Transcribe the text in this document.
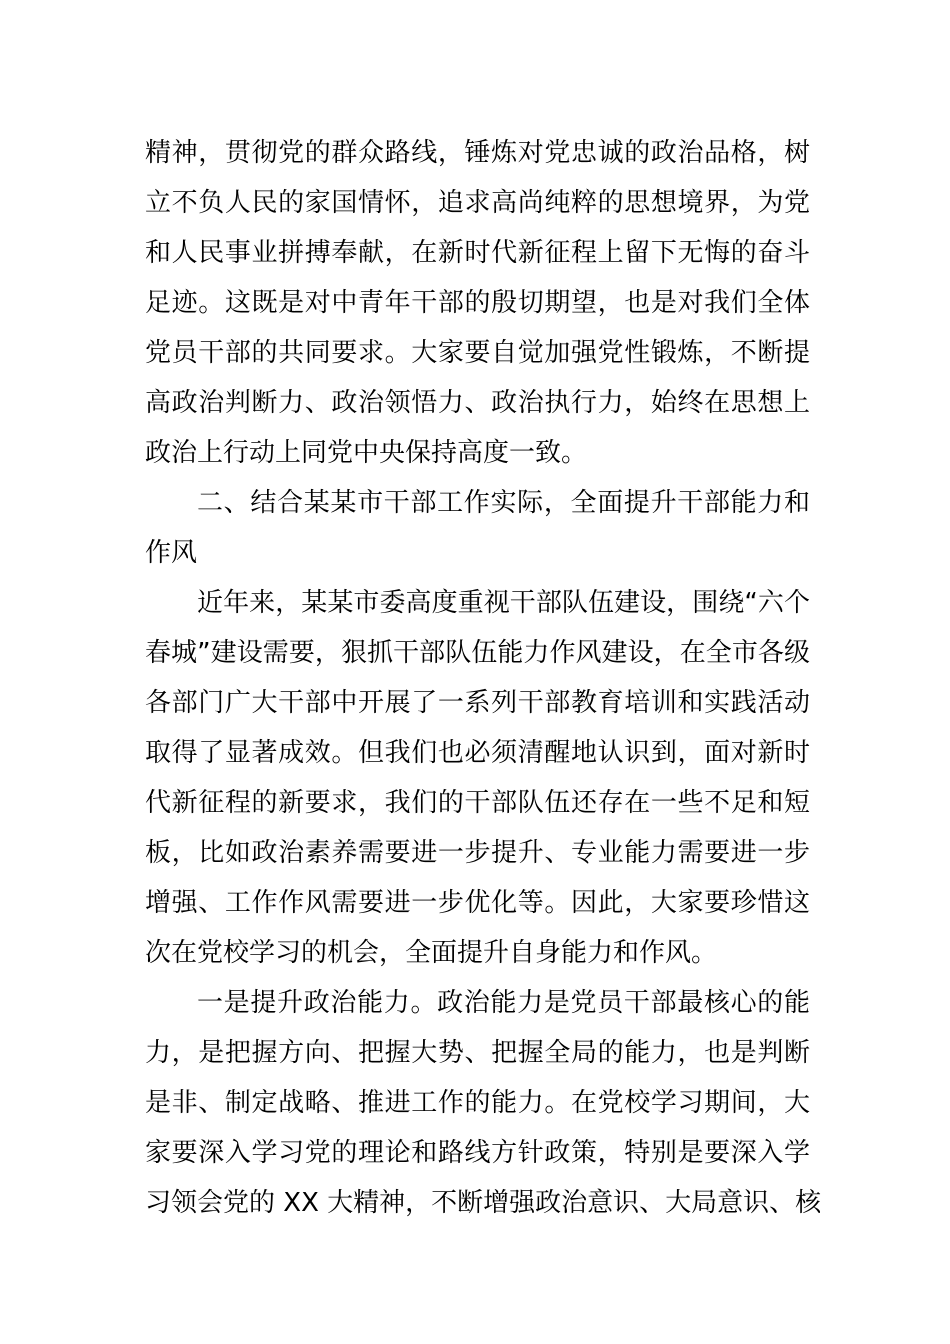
精神，贯彻党的群众路线，锤炼对党忠诚的政治品格，树
立不负人民的家国情怀，追求高尚纯粹的思想境界，为党
和人民事业拼搏奉献，在新时代新征程上留下无悔的奋斗
足迹。这既是对中青年干部的殷切期望，也是对我们全体
党员干部的共同要求。大家要自觉加强党性锻炼，不断提
高政治判断力、政治领悟力、政治执行力，始终在思想上
政治上行动上同党中央保持高度一致。
二、结合某某市干部工作实际，全面提升干部能力和
作风
近年来，某某市委高度重视干部队伍建设，围绕“六个
春城”建设需要，狠抓干部队伍能力作风建设，在全市各级
各部门广大干部中开展了一系列干部教育培训和实践活动
取得了显著成效。但我们也必须清醒地认识到，面对新时
代新征程的新要求，我们的干部队伍还存在一些不足和短
板，比如政治素养需要进一步提升、专业能力需要进一步
增强、工作作风需要进一步优化等。因此，大家要珍惜这
次在党校学习的机会，全面提升自身能力和作风。
一是提升政治能力。政治能力是党员干部最核心的能
力，是把握方向、把握大势、把握全局的能力，也是判断
是非、制定战略、推进工作的能力。在党校学习期间，大
家要深入学习党的理论和路线方针政策，特别是要深入学
习领会党的 XX 大精神，不断增强政治意识、大局意识、核
